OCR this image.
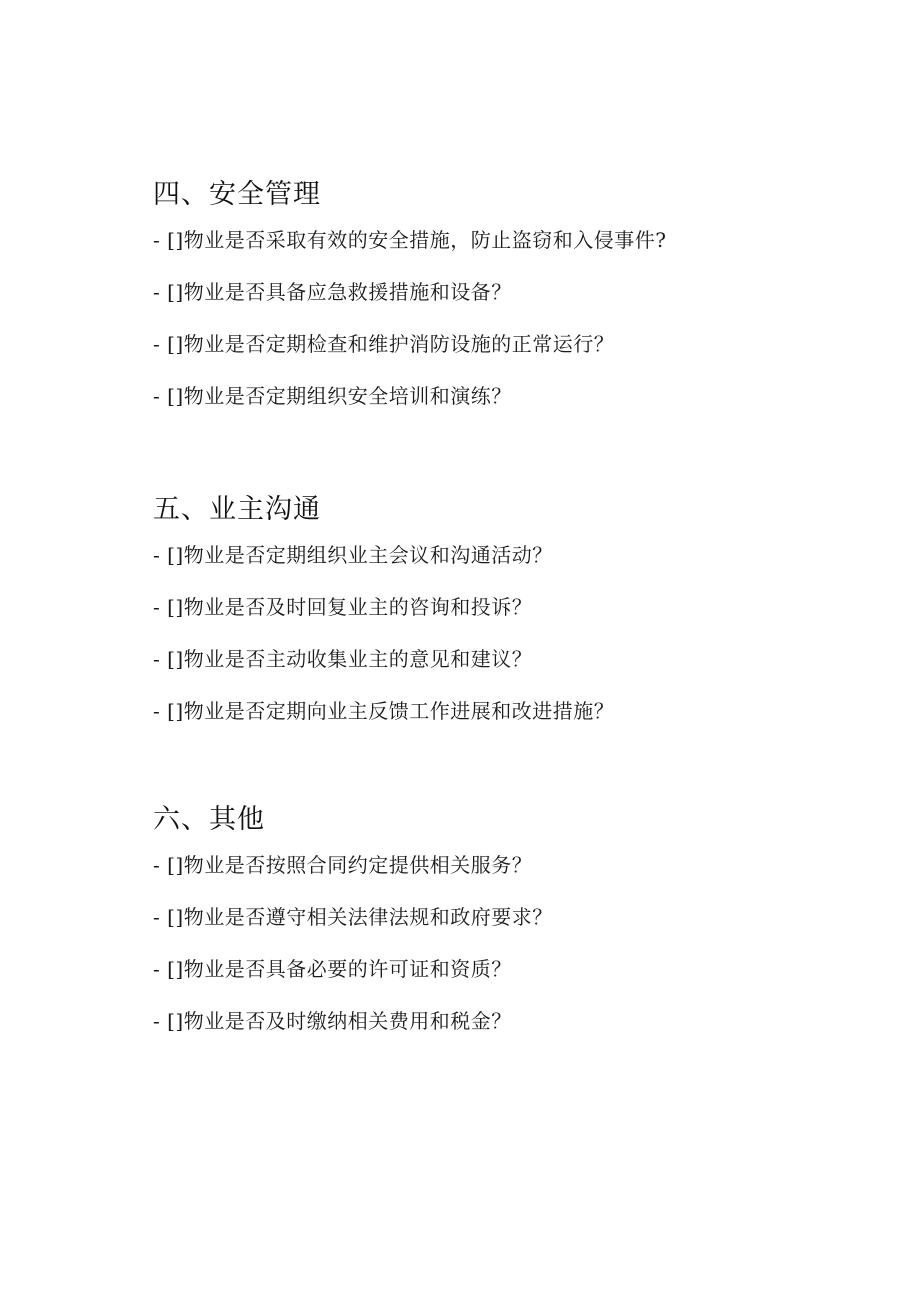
四、安全管理
- []物业是否采取有效的安全措施，防止盗窃和入侵事件?
- []物业是否具备应急救援措施和设备？
- []物业是否定期检查和维护消防设施的正常运行？
- []物业是否定期组织安全培训和演练？
五、业主沟通
- []物业是否定期组织业主会议和沟通活动？
- []物业是否及时回复业主的咨询和投诉？
- []物业是否主动收集业主的意见和建议？
- []物业是否定期向业主反馈工作进展和改进措施？
六、其他
- []物业是否按照合同约定提供相关服务？
- []物业是否遵守相关法律法规和政府要求？
- []物业是否具备必要的许可证和资质？
- []物业是否及时缴纳相关费用和税金？
